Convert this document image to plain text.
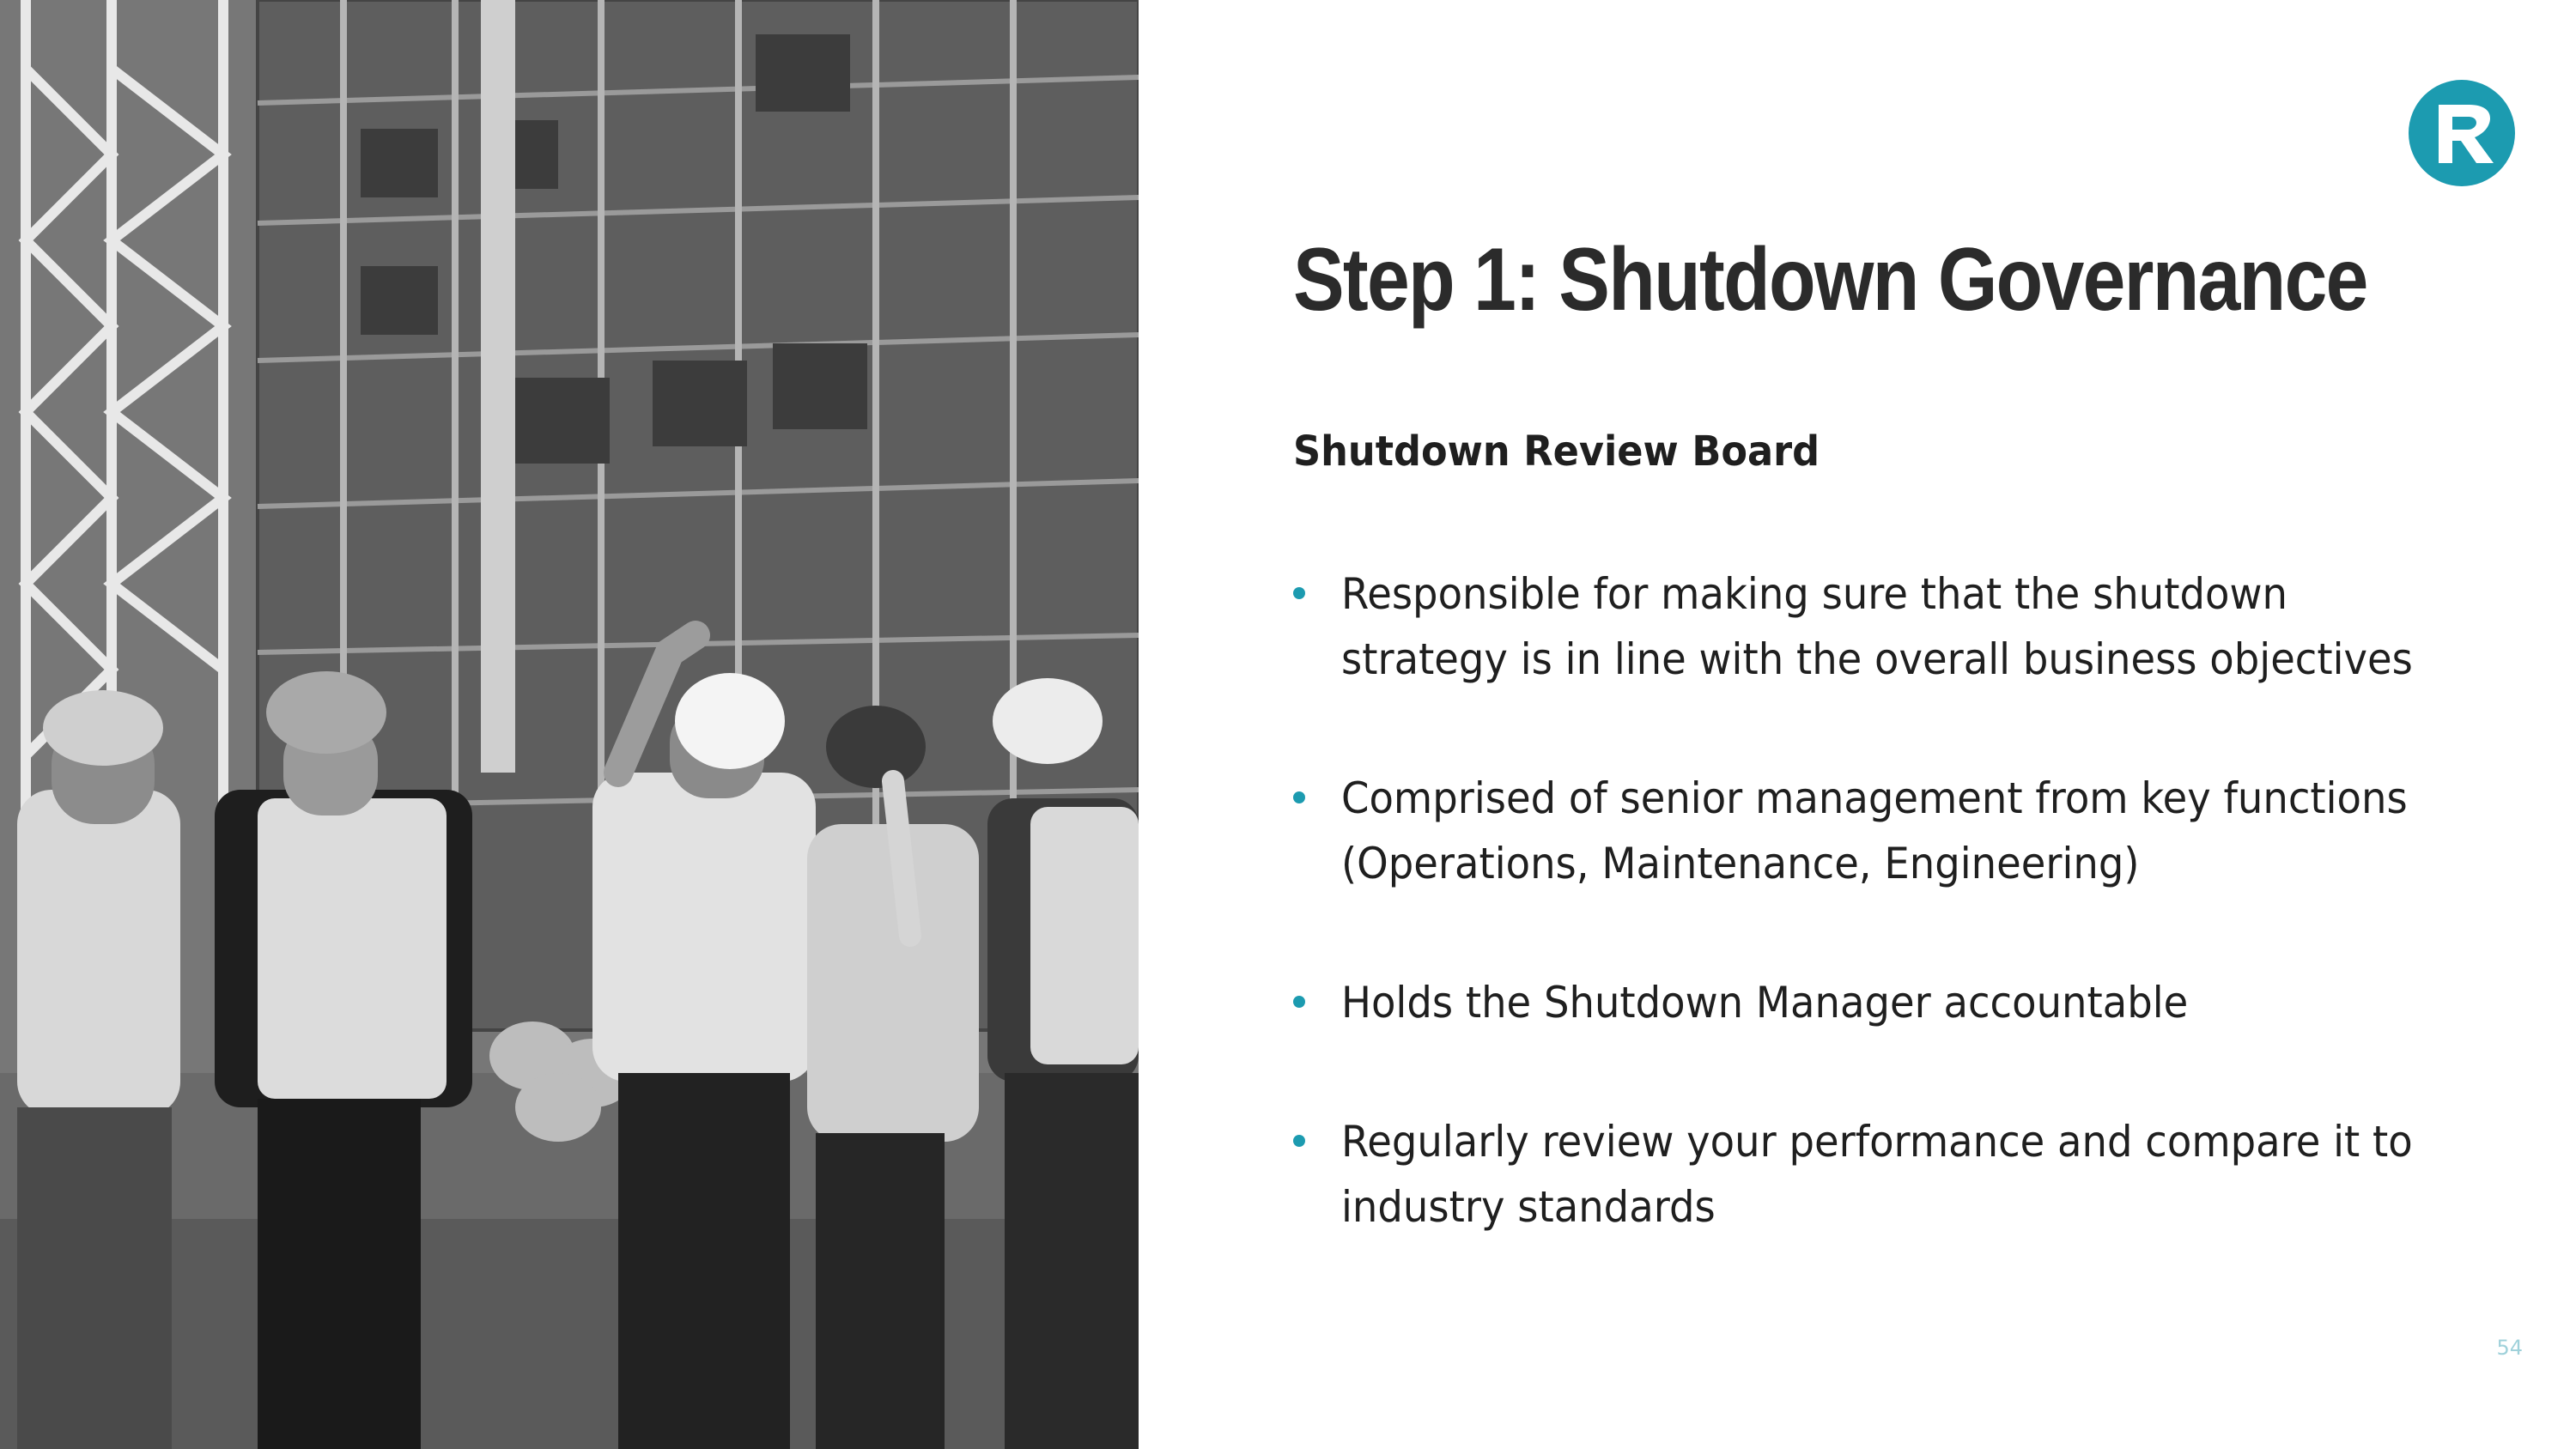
Step 1: Shutdown Governance
Shutdown Review Board
Responsible for making sure that the shutdown strategy is in line with the overall business objectives
Comprised of senior management from key functions (Operations, Maintenance, Engineering)
Holds the Shutdown Manager accountable
Regularly review your performance and compare it to industry standards
54
